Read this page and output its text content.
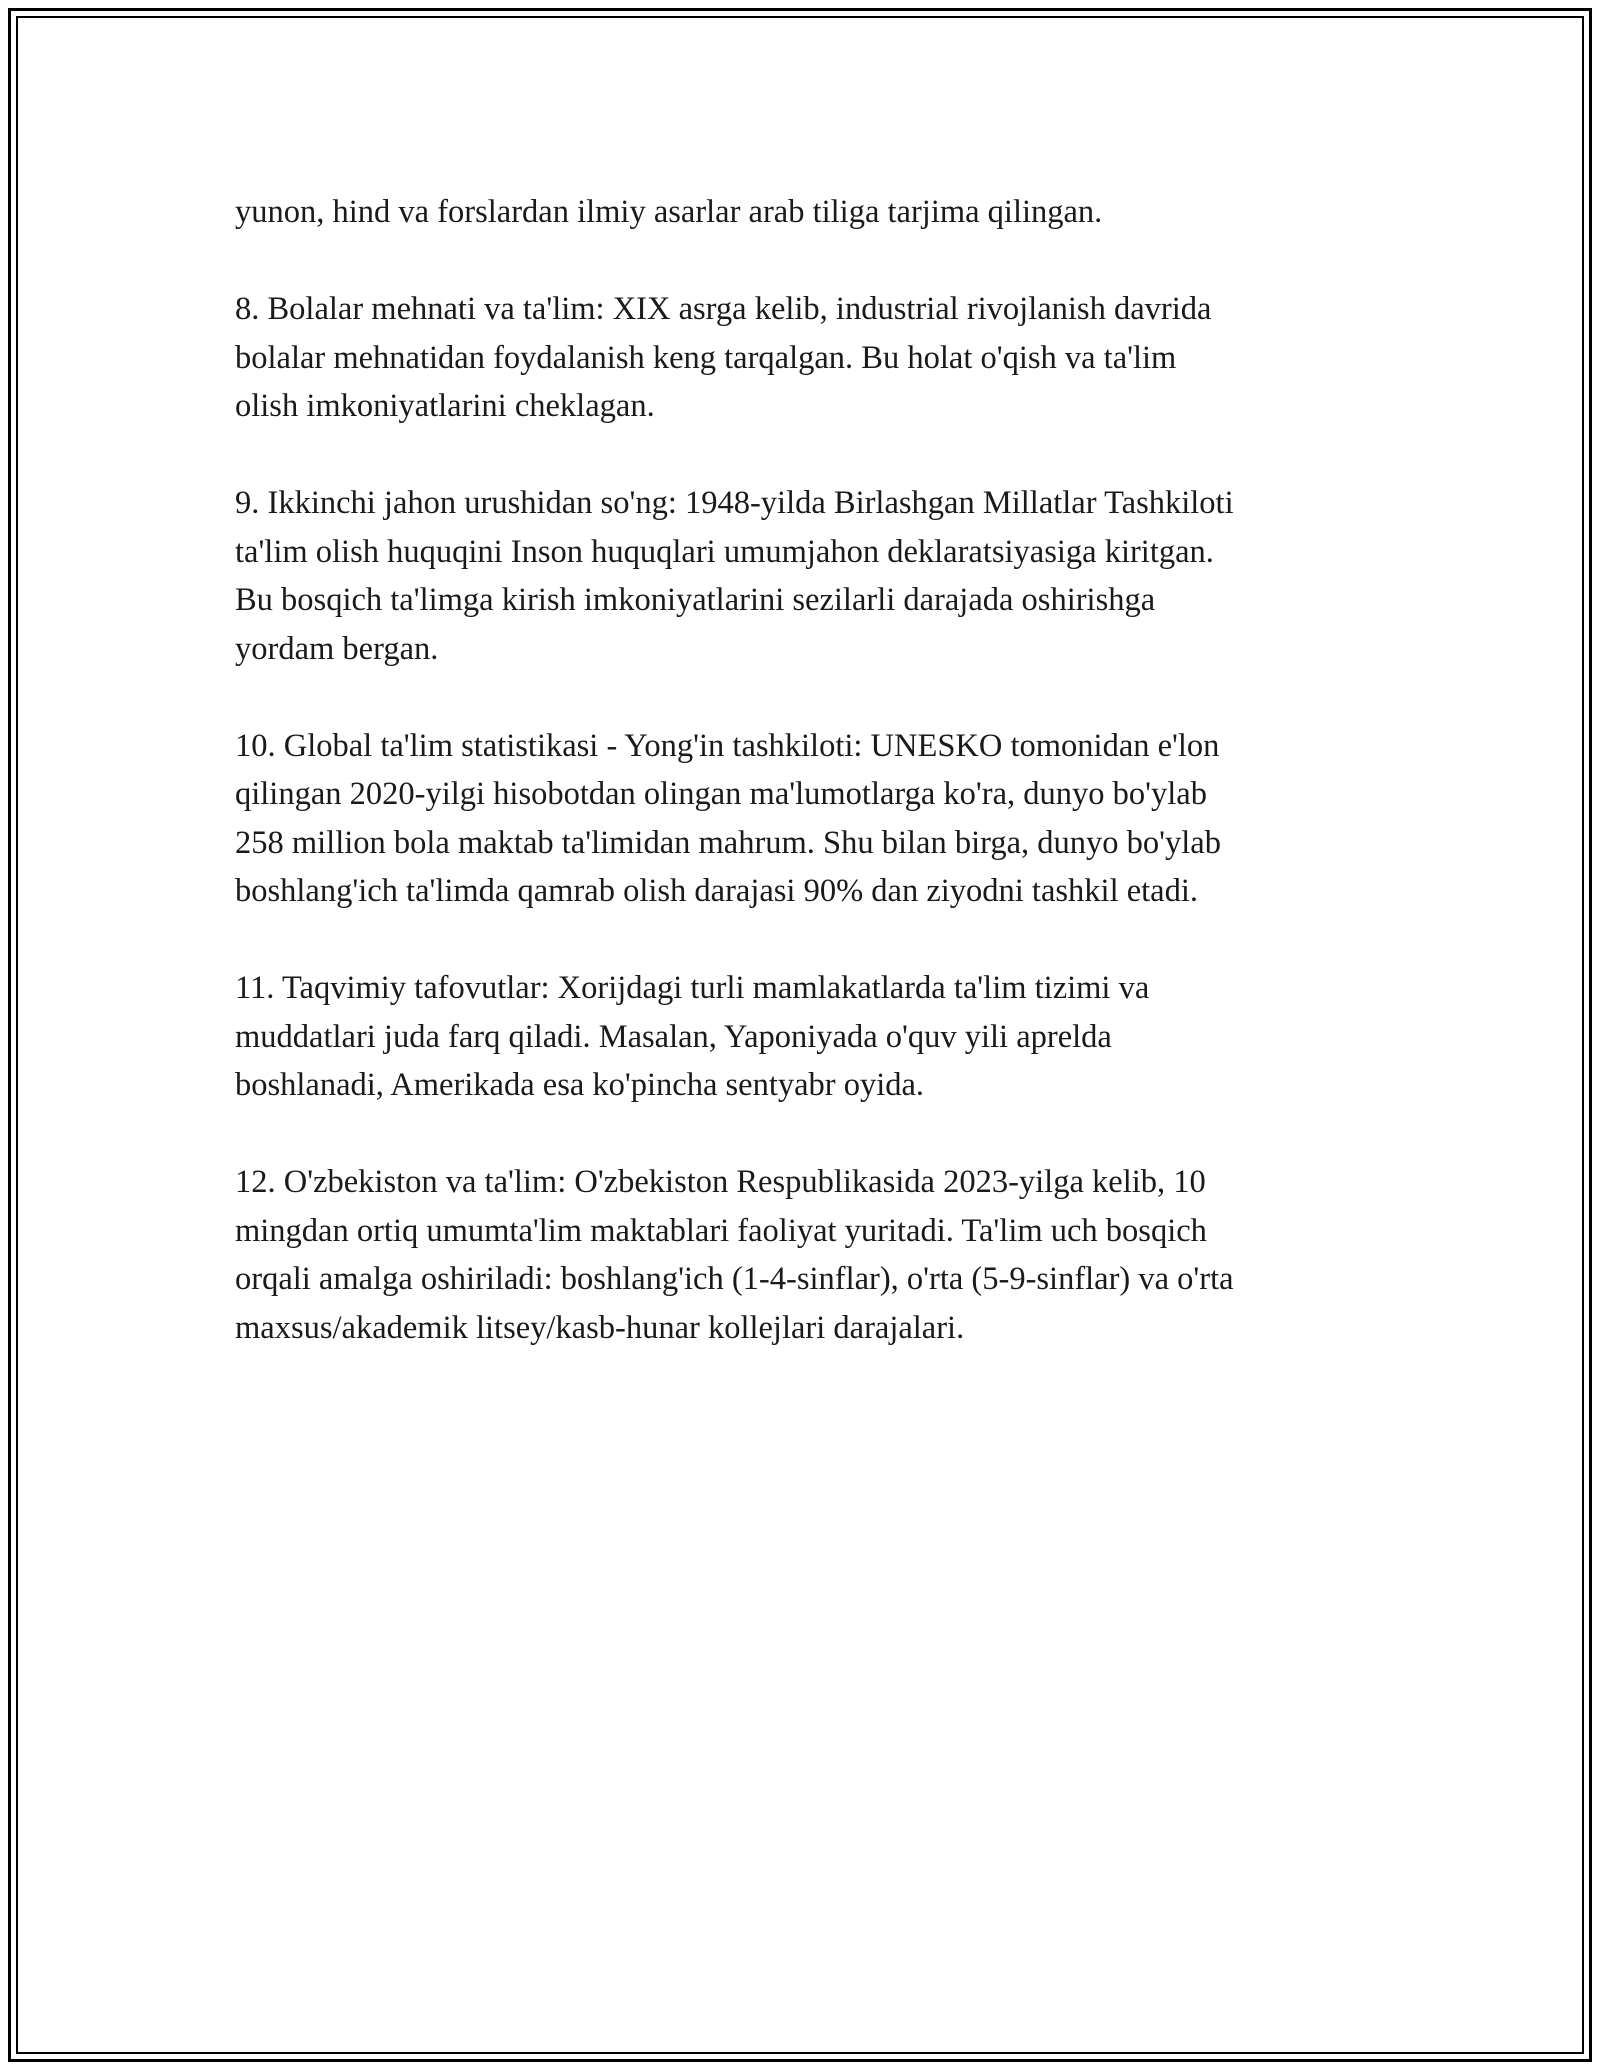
yunon, hind va forslardan ilmiy asarlar arab tiliga tarjima qilingan.

8. Bolalar mehnati va ta'lim: XIX asrga kelib, industrial rivojlanish davrida
bolalar mehnatidan foydalanish keng tarqalgan. Bu holat o'qish va ta'lim
olish imkoniyatlarini cheklagan.

9. Ikkinchi jahon urushidan so'ng: 1948-yilda Birlashgan Millatlar Tashkiloti
ta'lim olish huquqini Inson huquqlari umumjahon deklaratsiyasiga kiritgan.
Bu bosqich ta'limga kirish imkoniyatlarini sezilarli darajada oshirishga
yordam bergan.

10. Global ta'lim statistikasi - Yong'in tashkiloti: UNESKO tomonidan e'lon
qilingan 2020-yilgi hisobotdan olingan ma'lumotlarga ko'ra, dunyo bo'ylab
258 million bola maktab ta'limidan mahrum. Shu bilan birga, dunyo bo'ylab
boshlang'ich ta'limda qamrab olish darajasi 90% dan ziyodni tashkil etadi.

11. Taqvimiy tafovutlar: Xorijdagi turli mamlakatlarda ta'lim tizimi va
muddatlari juda farq qiladi. Masalan, Yaponiyada o'quv yili aprelda
boshlanadi, Amerikada esa ko'pincha sentyabr oyida.

12. O'zbekiston va ta'lim: O'zbekiston Respublikasida 2023-yilga kelib, 10
mingdan ortiq umumta'lim maktablari faoliyat yuritadi. Ta'lim uch bosqich
orqali amalga oshiriladi: boshlang'ich (1-4-sinflar), o'rta (5-9-sinflar) va o'rta
maxsus/akademik litsey/kasb-hunar kollejlari darajalari.
